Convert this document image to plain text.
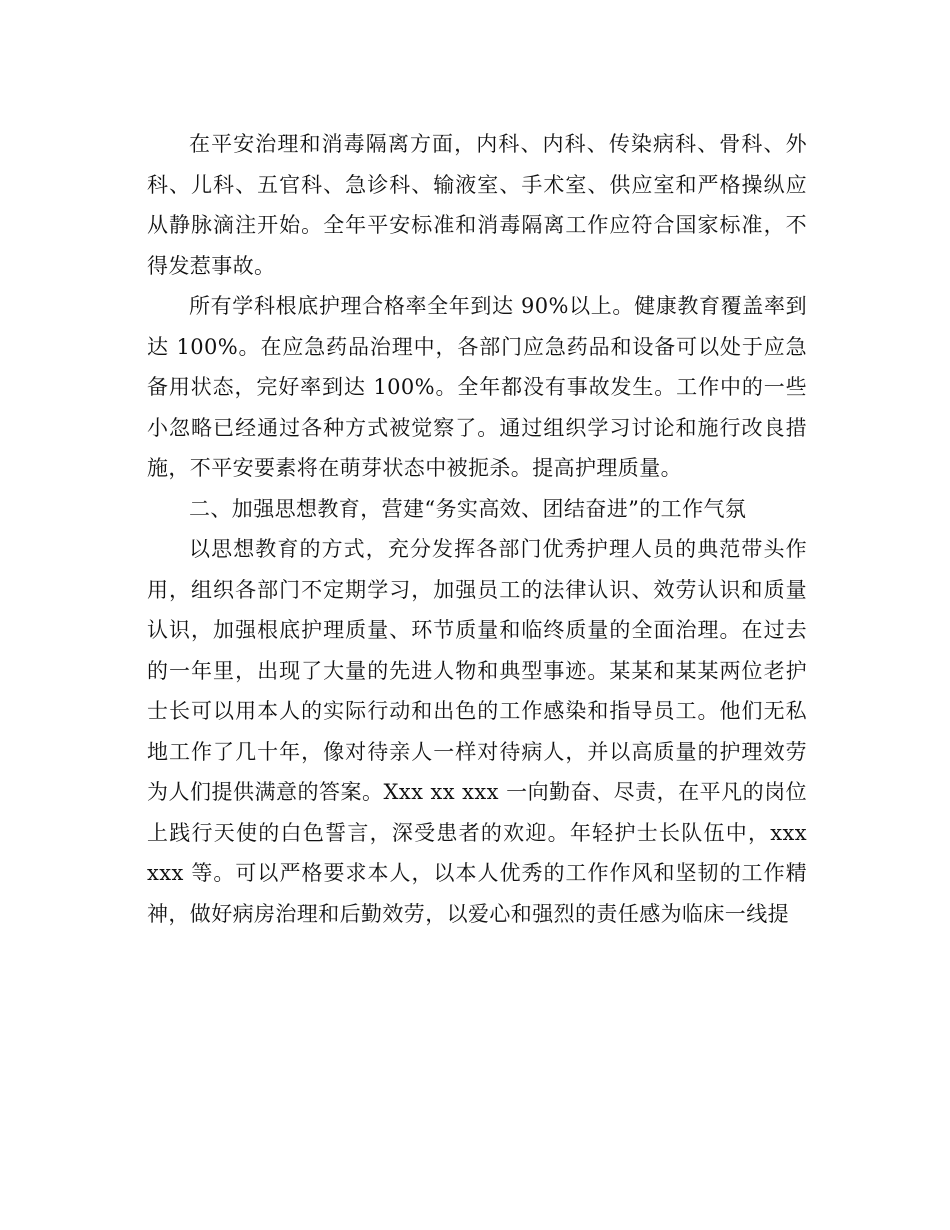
在平安治理和消毒隔离方面，内科、内科、传染病科、骨科、外科、儿科、五官科、急诊科、输液室、手术室、供应室和严格操纵应从静脉滴注开始。全年平安标准和消毒隔离工作应符合国家标准，不得发惹事故。

所有学科根底护理合格率全年到达 90%以上。健康教育覆盖率到达 100%。在应急药品治理中，各部门应急药品和设备可以处于应急备用状态，完好率到达 100%。全年都没有事故发生。工作中的一些小忽略已经通过各种方式被觉察了。通过组织学习讨论和施行改良措施，不平安要素将在萌芽状态中被扼杀。提高护理质量。

二、加强思想教育，营建“务实高效、团结奋进”的工作气氛

以思想教育的方式，充分发挥各部门优秀护理人员的典范带头作用，组织各部门不定期学习，加强员工的法律认识、效劳认识和质量认识，加强根底护理质量、环节质量和临终质量的全面治理。在过去的一年里，出现了大量的先进人物和典型事迹。某某和某某两位老护士长可以用本人的实际行动和出色的工作感染和指导员工。他们无私地工作了几十年，像对待亲人一样对待病人，并以高质量的护理效劳为人们提供满意的答案。Xxx xx xxx 一向勤奋、尽责，在平凡的岗位上践行天使的白色誓言，深受患者的欢迎。年轻护士长队伍中，xxx xxx 等。可以严格要求本人，以本人优秀的工作作风和坚韧的工作精神，做好病房治理和后勤效劳，以爱心和强烈的责任感为临床一线提
